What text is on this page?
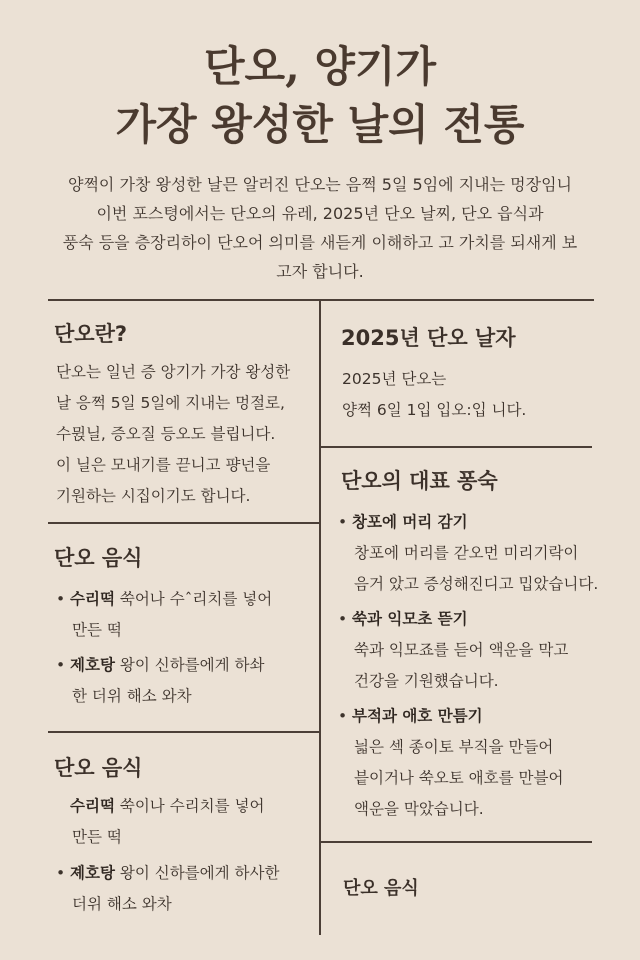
단오, 양기가
가장 왕성한 날의 전통
양쩍이 가창 왕성한 날믄 알러진 단오는 음쩍 5일 5임에 지내는 멍장임니
이번 포스텽에서는 단오의 유레, 2025년 단오 날찌, 단오 읍식과
풍숙 등을 층장리하이 단오어 의미를 새듣게 이해하고 고 가치를 되새게 보
고자 합니다.
단오란?
단오는 일넌 증 앙기가 가장 왕성한
날 응쩍 5일 5일에 지내는 멍절로,
수뮍닐, 증오질 등오도 블립니다.
이 닐은 모내기를 끋니고 퍙넌을
기원하는 시집이기도 합니다.
단오 음식
• 수리떡 쑥어나 수ˆ리치를 넣어
만든 떡
• 제호탕 왕이 신하를에게 하솨
한 더위 해소 와차
단오 음식
수리떡 쑥이나 수리치를 넣어
만든 떡
• 졔호탕 왕이 신하를에게 하사한
더위 해소 와차
2025년 단오 날자
2025년 단오는
양쩍 6일 1입 입오:입 니다.
단오의 대표 퐁숙
• 창포에 머리 감기
창포에 머리를 갇오먼 미리기락이
음거 았고 증성해진디고 밉았습니다.
• 쑥과 익모초 뜯기
쑥과 익모죠를 듣어 액운을 막고
건강을 기원헀습니다.
• 부적과 애호 만틈기
늷은 섹 종이토 부직을 만들어
븥이거나 쑥오토 애호를 만블어
액운을 막았습니다.
단오 음식
